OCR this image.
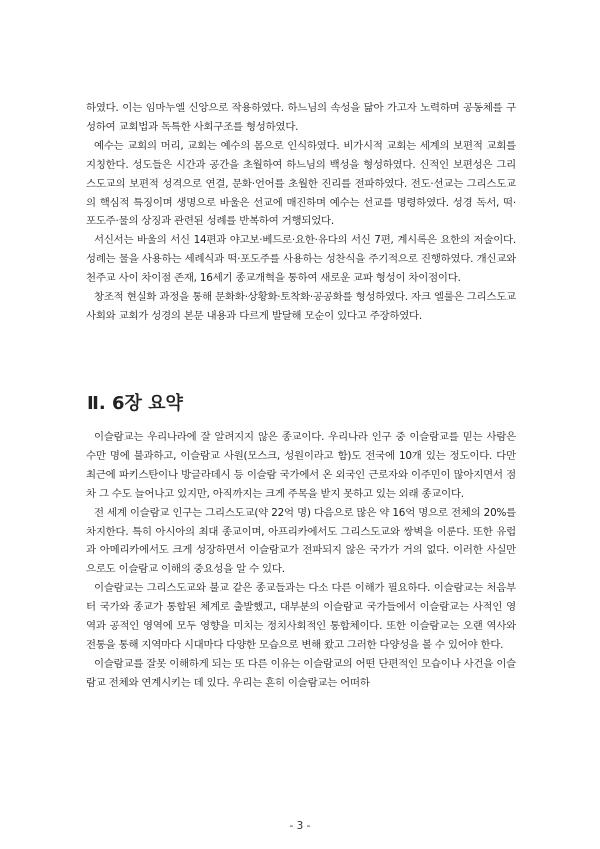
하였다. 이는 임마누엘 신앙으로 작용하였다. 하느님의 속성을 닮아 가고자 노력하며 공동체를 구성하여 교회법과 독특한 사회구조를 형성하였다.

예수는 교회의 머리, 교회는 예수의 몸으로 인식하였다. 비가시적 교회는 세계의 보편적 교회를 지칭한다. 성도들은 시간과 공간을 초월하여 하느님의 백성을 형성하였다. 신적인 보편성은 그리스도교의 보편적 성격으로 연결, 문화·언어를 초월한 진리를 전파하였다. 전도·선교는 그리스도교의 핵심적 특징이며 생명으로 바울은 선교에 매진하며 예수는 선교를 명령하였다. 성경 독서, 떡·포도주·물의 상징과 관련된 성례를 반복하여 거행되었다.

서신서는 바울의 서신 14편과 야고보·베드로·요한·유다의 서신 7편, 계시록은 요한의 저술이다. 성례는 물을 사용하는 세례식과 떡·포도주를 사용하는 성찬식을 주기적으로 진행하였다. 개신교와 천주교 사이 차이점 존재, 16세기 종교개혁을 통하여 새로운 교파 형성이 차이점이다.

창조적 현실화 과정을 통해 문화화·상황화·토착화·공공화를 형성하였다. 자크 엘룰은 그리스도교 사회와 교회가 성경의 본문 내용과 다르게 발달해 모순이 있다고 주장하였다.

Ⅱ. 6장 요약

이슬람교는 우리나라에 잘 알려지지 않은 종교이다. 우리나라 인구 중 이슬람교를 믿는 사람은 수만 명에 불과하고, 이슬람교 사원(모스크, 성원이라고 함)도 전국에 10개 있는 정도이다. 다만 최근에 파키스탄이나 방글라데시 등 이슬람 국가에서 온 외국인 근로자와 이주민이 많아지면서 점차 그 수도 늘어나고 있지만, 아직까지는 크게 주목을 받지 못하고 있는 외래 종교이다.

전 세계 이슬람교 인구는 그리스도교(약 22억 명) 다음으로 많은 약 16억 명으로 전체의 20%를 차지한다. 특히 아시아의 최대 종교이며, 아프리카에서도 그리스도교와 쌍벽을 이룬다. 또한 유럽과 아메리카에서도 크게 성장하면서 이슬람교가 전파되지 않은 국가가 거의 없다. 이러한 사실만으로도 이슬람교 이해의 중요성을 알 수 있다.

이슬람교는 그리스도교와 불교 같은 종교들과는 다소 다른 이해가 필요하다. 이슬람교는 처음부터 국가와 종교가 통합된 체계로 출발했고, 대부분의 이슬람교 국가들에서 이슬람교는 사적인 영역과 공적인 영역에 모두 영향을 미치는 정치사회적인 통합체이다. 또한 이슬람교는 오랜 역사와 전통을 통해 지역마다 시대마다 다양한 모습으로 변해 왔고 그러한 다양성을 볼 수 있어야 한다.

이슬람교를 잘못 이해하게 되는 또 다른 이유는 이슬람교의 어떤 단편적인 모습이나 사건을 이슬람교 전체와 연계시키는 데 있다. 우리는 흔히 이슬람교는 어떠하

- 3 -
